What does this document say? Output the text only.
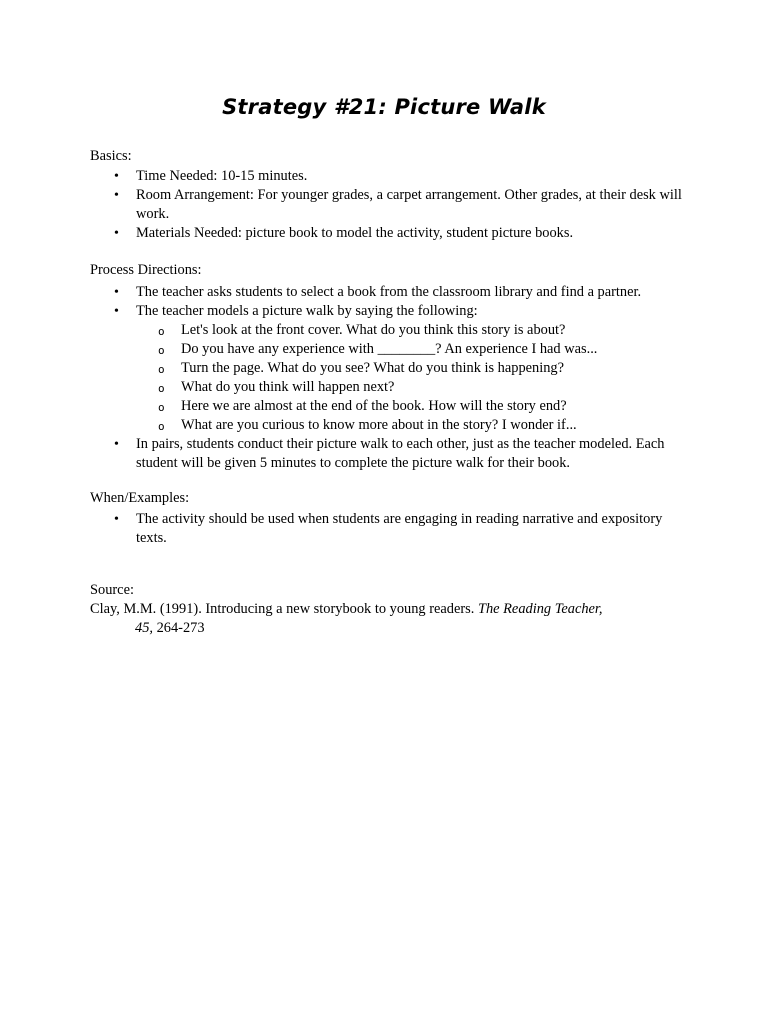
Strategy #21: Picture Walk

Basics:

• Time Needed: 10-15 minutes.
• Room Arrangement: For younger grades, a carpet arrangement. Other grades, at their desk will work.
• Materials Needed: picture book to model the activity, student picture books.

Process Directions:

• The teacher asks students to select a book from the classroom library and find a partner.
• The teacher models a picture walk by saying the following:
o Let's look at the front cover. What do you think this story is about?
o Do you have any experience with ________? An experience I had was...
o Turn the page. What do you see? What do you think is happening?
o What do you think will happen next?
o Here we are almost at the end of the book. How will the story end?
o What are you curious to know more about in the story? I wonder if...
• In pairs, students conduct their picture walk to each other, just as the teacher modeled. Each student will be given 5 minutes to complete the picture walk for their book.

When/Examples:

• The activity should be used when students are engaging in reading narrative and expository texts.

Source:

Clay, M.M. (1991). Introducing a new storybook to young readers. The Reading Teacher,
45, 264-273
